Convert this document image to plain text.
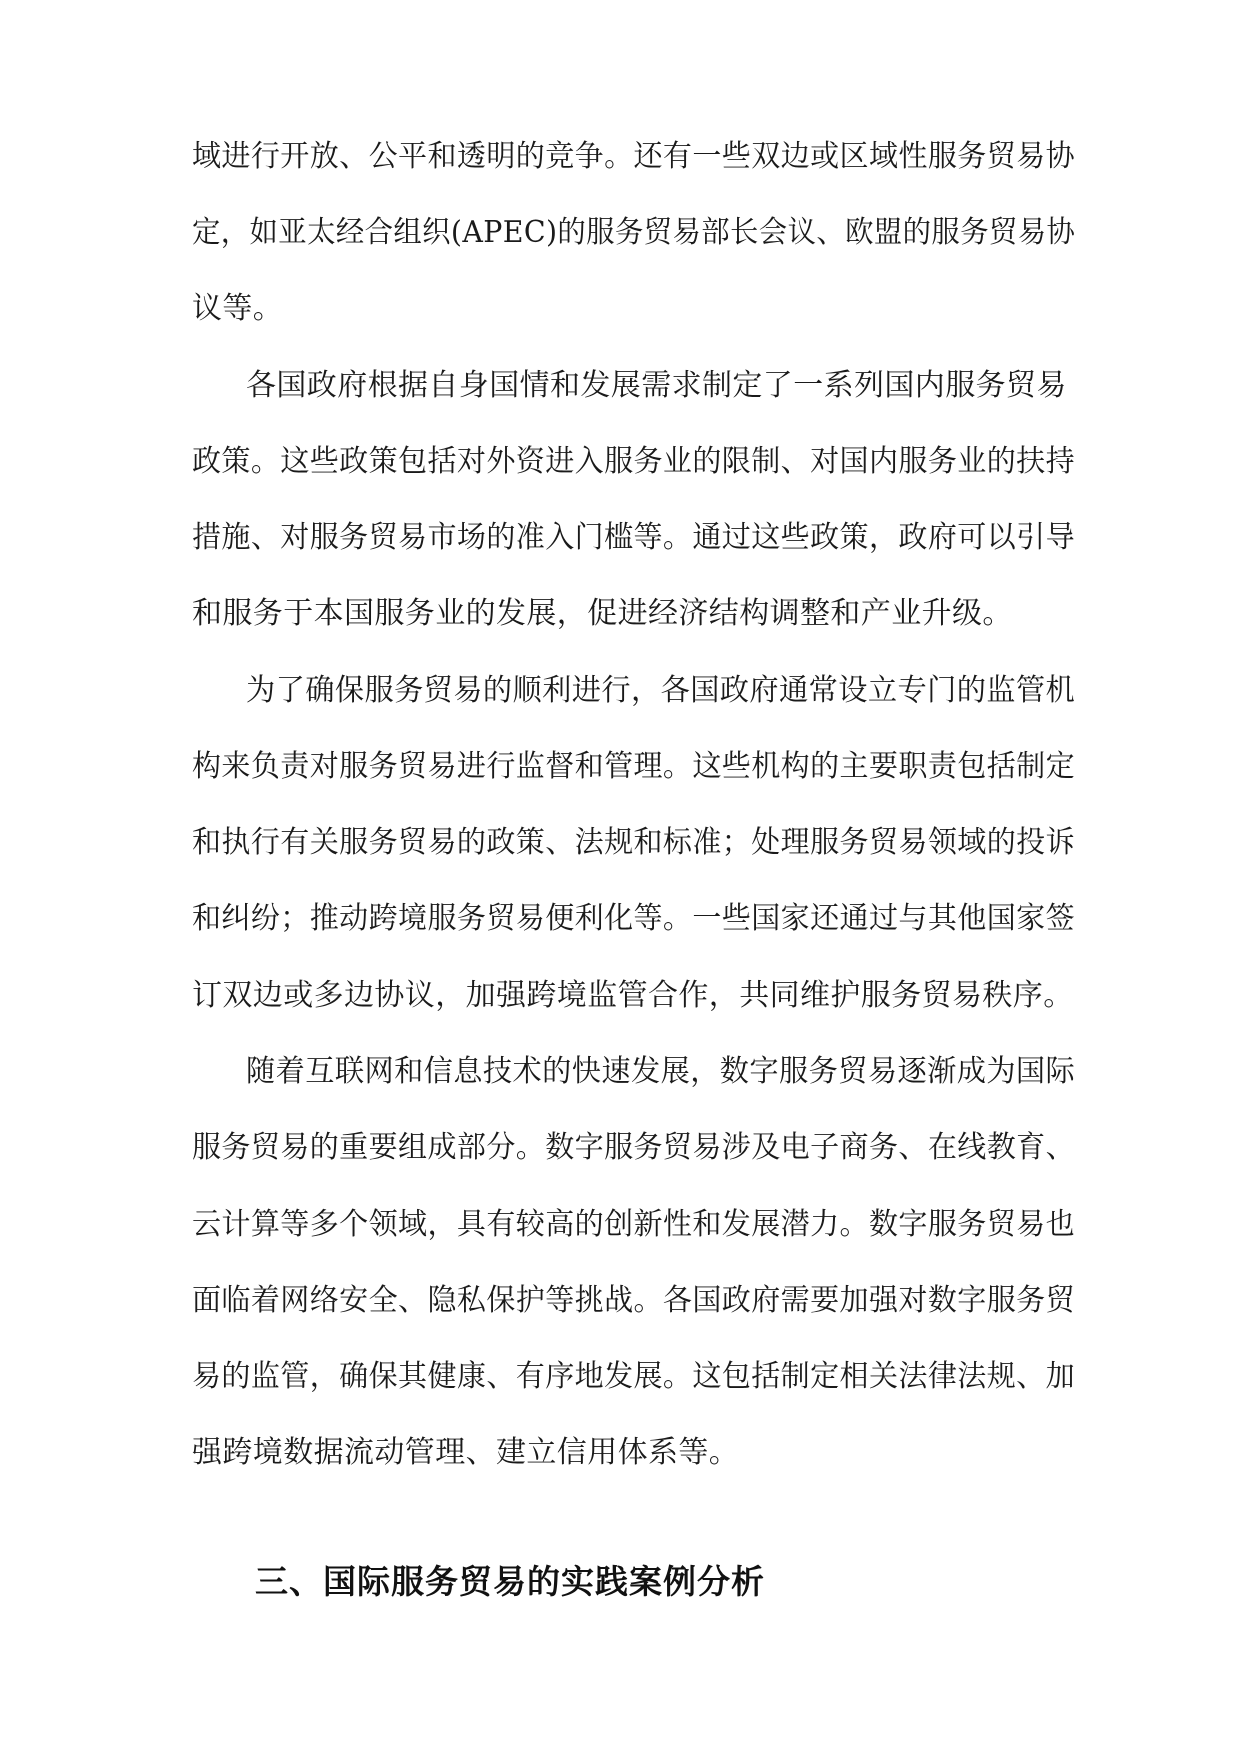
域进行开放、公平和透明的竞争。还有一些双边或区域性服务贸易协
定，如亚太经合组织(APEC)的服务贸易部长会议、欧盟的服务贸易协
议等。
各国政府根据自身国情和发展需求制定了一系列国内服务贸易
政策。这些政策包括对外资进入服务业的限制、对国内服务业的扶持
措施、对服务贸易市场的准入门槛等。通过这些政策，政府可以引导
和服务于本国服务业的发展，促进经济结构调整和产业升级。
为了确保服务贸易的顺利进行，各国政府通常设立专门的监管机
构来负责对服务贸易进行监督和管理。这些机构的主要职责包括制定
和执行有关服务贸易的政策、法规和标准；处理服务贸易领域的投诉
和纠纷；推动跨境服务贸易便利化等。一些国家还通过与其他国家签
订双边或多边协议，加强跨境监管合作，共同维护服务贸易秩序。
随着互联网和信息技术的快速发展，数字服务贸易逐渐成为国际
服务贸易的重要组成部分。数字服务贸易涉及电子商务、在线教育、
云计算等多个领域，具有较高的创新性和发展潜力。数字服务贸易也
面临着网络安全、隐私保护等挑战。各国政府需要加强对数字服务贸
易的监管，确保其健康、有序地发展。这包括制定相关法律法规、加
强跨境数据流动管理、建立信用体系等。
三、国际服务贸易的实践案例分析
